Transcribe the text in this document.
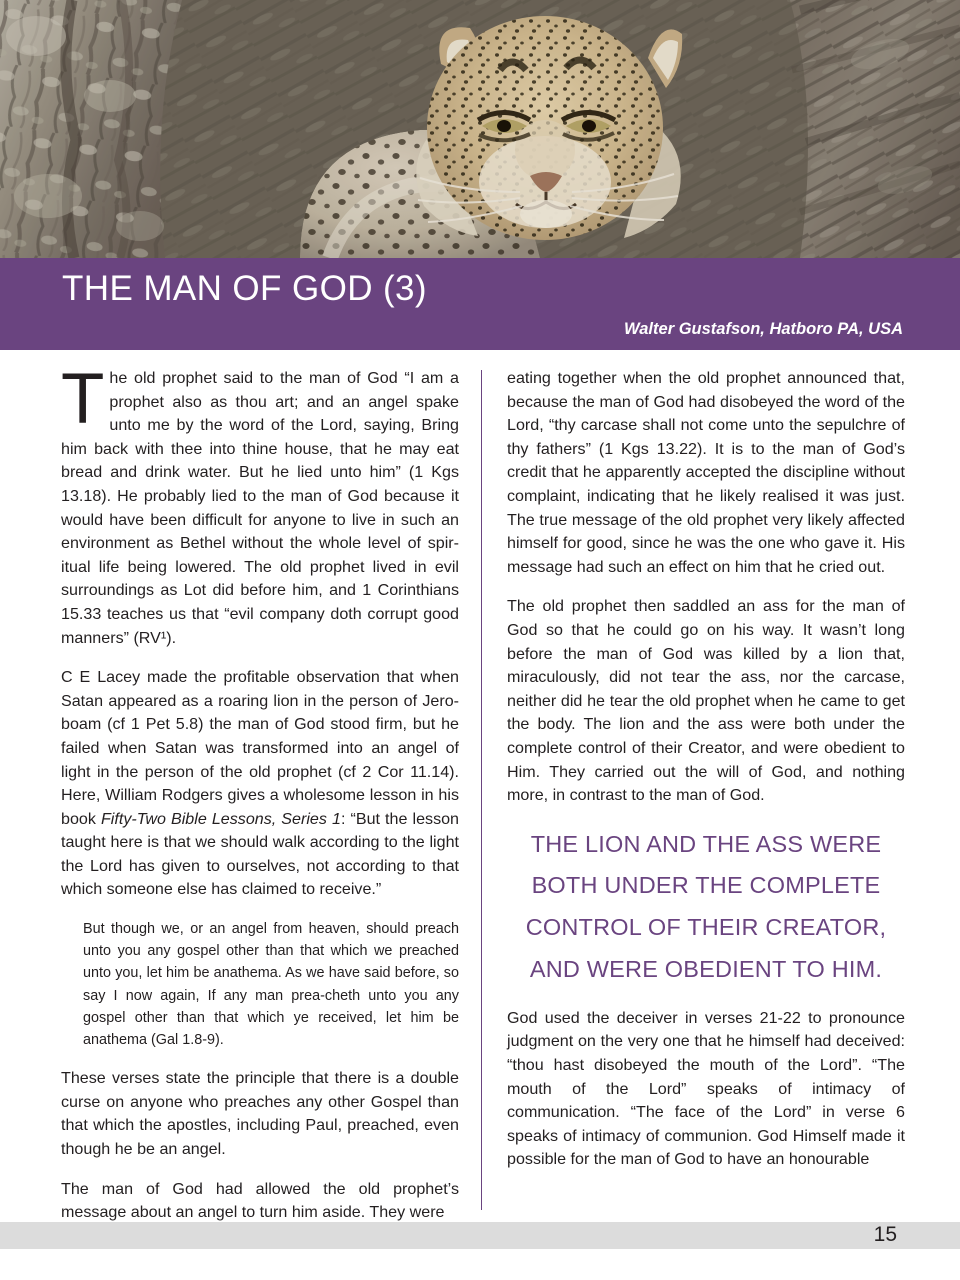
THE MAN OF GOD (3)
Walter Gustafson, Hatboro PA, USA

The old prophet said to the man of God “I am a prophet also as thou art; and an angel spake unto me by the word of the Lord, saying, Bring him back with thee into thine house, that he may eat bread and drink water. But he lied unto him” (1 Kgs 13.18). He probably lied to the man of God because it would have been difficult for anyone to live in such an environment as Bethel without the whole level of spir-itual life being lowered. The old prophet lived in evil surroundings as Lot did before him, and 1 Corinthians 15.33 teaches us that “evil company doth corrupt good manners” (RV¹).

C E Lacey made the profitable observation that when Satan appeared as a roaring lion in the person of Jero-boam (cf 1 Pet 5.8) the man of God stood firm, but he failed when Satan was transformed into an angel of light in the person of the old prophet (cf 2 Cor 11.14). Here, William Rodgers gives a wholesome lesson in his book Fifty-Two Bible Lessons, Series 1: “But the lesson taught here is that we should walk according to the light the Lord has given to ourselves, not according to that which someone else has claimed to receive.”

But though we, or an angel from heaven, should preach unto you any gospel other than that which we preached unto you, let him be anathema. As we have said before, so say I now again, If any man prea-cheth unto you any gospel other than that which ye received, let him be anathema (Gal 1.8-9).

These verses state the principle that there is a double curse on anyone who preaches any other Gospel than that which the apostles, including Paul, preached, even though he be an angel.

The man of God had allowed the old prophet’s message about an angel to turn him aside. They were

eating together when the old prophet announced that, because the man of God had disobeyed the word of the Lord, “thy carcase shall not come unto the sepulchre of thy fathers” (1 Kgs 13.22). It is to the man of God’s credit that he apparently accepted the discipline without complaint, indicating that he likely realised it was just. The true message of the old prophet very likely affected himself for good, since he was the one who gave it. His message had such an effect on him that he cried out.

The old prophet then saddled an ass for the man of God so that he could go on his way. It wasn’t long before the man of God was killed by a lion that, miraculously, did not tear the ass, nor the carcase, neither did he tear the old prophet when he came to get the body. The lion and the ass were both under the complete control of their Creator, and were obedient to Him. They carried out the will of God, and nothing more, in contrast to the man of God.

THE LION AND THE ASS WERE BOTH UNDER THE COMPLETE CONTROL OF THEIR CREATOR, AND WERE OBEDIENT TO HIM.

God used the deceiver in verses 21-22 to pronounce judgment on the very one that he himself had deceived: “thou hast disobeyed the mouth of the Lord”. “The mouth of the Lord” speaks of intimacy of communication. “The face of the Lord” in verse 6 speaks of intimacy of communion. God Himself made it possible for the man of God to have an honourable

15
